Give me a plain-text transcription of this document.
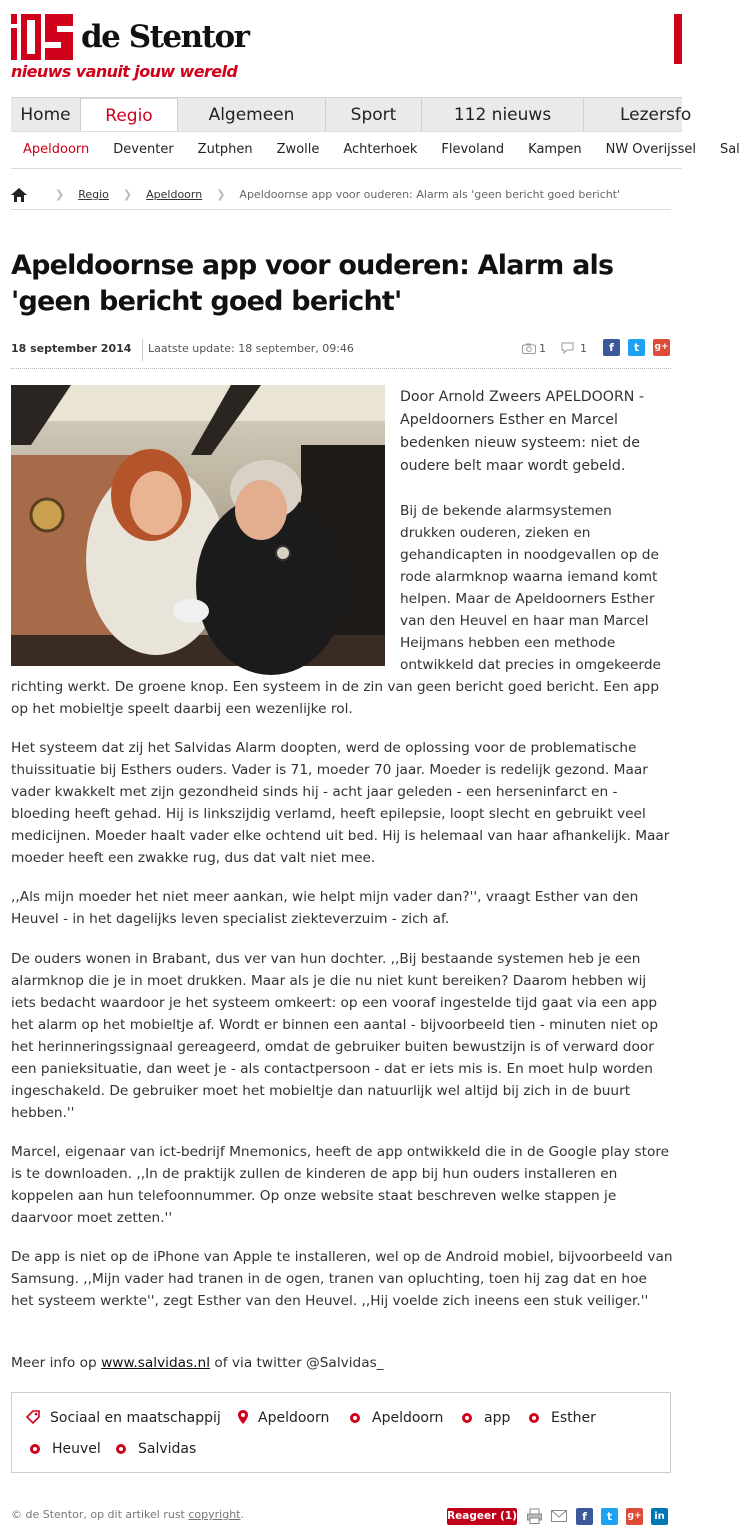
de Stentor
nieuws vanuit jouw wereld
Home	Regio	Algemeen	Sport	112 nieuws	Lezersfo
Apeldoorn	Deventer	Zutphen	Zwolle	Achterhoek	Flevoland	Kampen	NW Overijssel	Sal
❯ Regio ❯ Apeldoorn ❯ Apeldoornse app voor ouderen: Alarm als 'geen bericht goed bericht'
Apeldoornse app voor ouderen: Alarm als 'geen bericht goed bericht'
18 september 2014 Laatste update: 18 september, 09:46	1	1	f	t	g+

Door Arnold Zweers APELDOORN - Apeldoorners Esther en Marcel bedenken nieuw systeem: niet de oudere belt maar wordt gebeld.

Bij de bekende alarmsystemen drukken ouderen, zieken en gehandicapten in noodgevallen op de rode alarmknop waarna iemand komt helpen. Maar de Apeldoorners Esther van den Heuvel en haar man Marcel Heijmans hebben een methode ontwikkeld dat precies in omgekeerde

richting werkt. De groene knop. Een systeem in de zin van geen bericht goed bericht. Een app op het mobieltje speelt daarbij een wezenlijke rol.

Het systeem dat zij het Salvidas Alarm doopten, werd de oplossing voor de problematische thuissituatie bij Esthers ouders. Vader is 71, moeder 70 jaar. Moeder is redelijk gezond. Maar vader kwakkelt met zijn gezondheid sinds hij - acht jaar geleden - een herseninfarct en -bloeding heeft gehad. Hij is linkszijdig verlamd, heeft epilepsie, loopt slecht en gebruikt veel medicijnen. Moeder haalt vader elke ochtend uit bed. Hij is helemaal van haar afhankelijk. Maar moeder heeft een zwakke rug, dus dat valt niet mee.

,,Als mijn moeder het niet meer aankan, wie helpt mijn vader dan?'', vraagt Esther van den Heuvel - in het dagelijks leven specialist ziekteverzuim - zich af.

De ouders wonen in Brabant, dus ver van hun dochter. ,,Bij bestaande systemen heb je een alarmknop die je in moet drukken. Maar als je die nu niet kunt bereiken? Daarom hebben wij iets bedacht waardoor je het systeem omkeert: op een vooraf ingestelde tijd gaat via een app het alarm op het mobieltje af. Wordt er binnen een aantal - bijvoorbeeld tien - minuten niet op het herinneringssignaal gereageerd, omdat de gebruiker buiten bewustzijn is of verward door een panieksituatie, dan weet je - als contactpersoon - dat er iets mis is. En moet hulp worden ingeschakeld. De gebruiker moet het mobieltje dan natuurlijk wel altijd bij zich in de buurt hebben.''

Marcel, eigenaar van ict-bedrijf Mnemonics, heeft de app ontwikkeld die in de Google play store is te downloaden. ,,In de praktijk zullen de kinderen de app bij hun ouders installeren en koppelen aan hun telefoonnummer. Op onze website staat beschreven welke stappen je daarvoor moet zetten.''

De app is niet op de iPhone van Apple te installeren, wel op de Android mobiel, bijvoorbeeld van Samsung. ,,Mijn vader had tranen in de ogen, tranen van opluchting, toen hij zag dat en hoe het systeem werkte'', zegt Esther van den Heuvel. ,,Hij voelde zich ineens een stuk veiliger.''

Meer info op www.salvidas.nl of via twitter @Salvidas_

Sociaal en maatschappij	Apeldoorn	Apeldoorn	app	Esther
Heuvel	Salvidas
© de Stentor, op dit artikel rust copyright.	Reageer (1)	f	t	g+	in
